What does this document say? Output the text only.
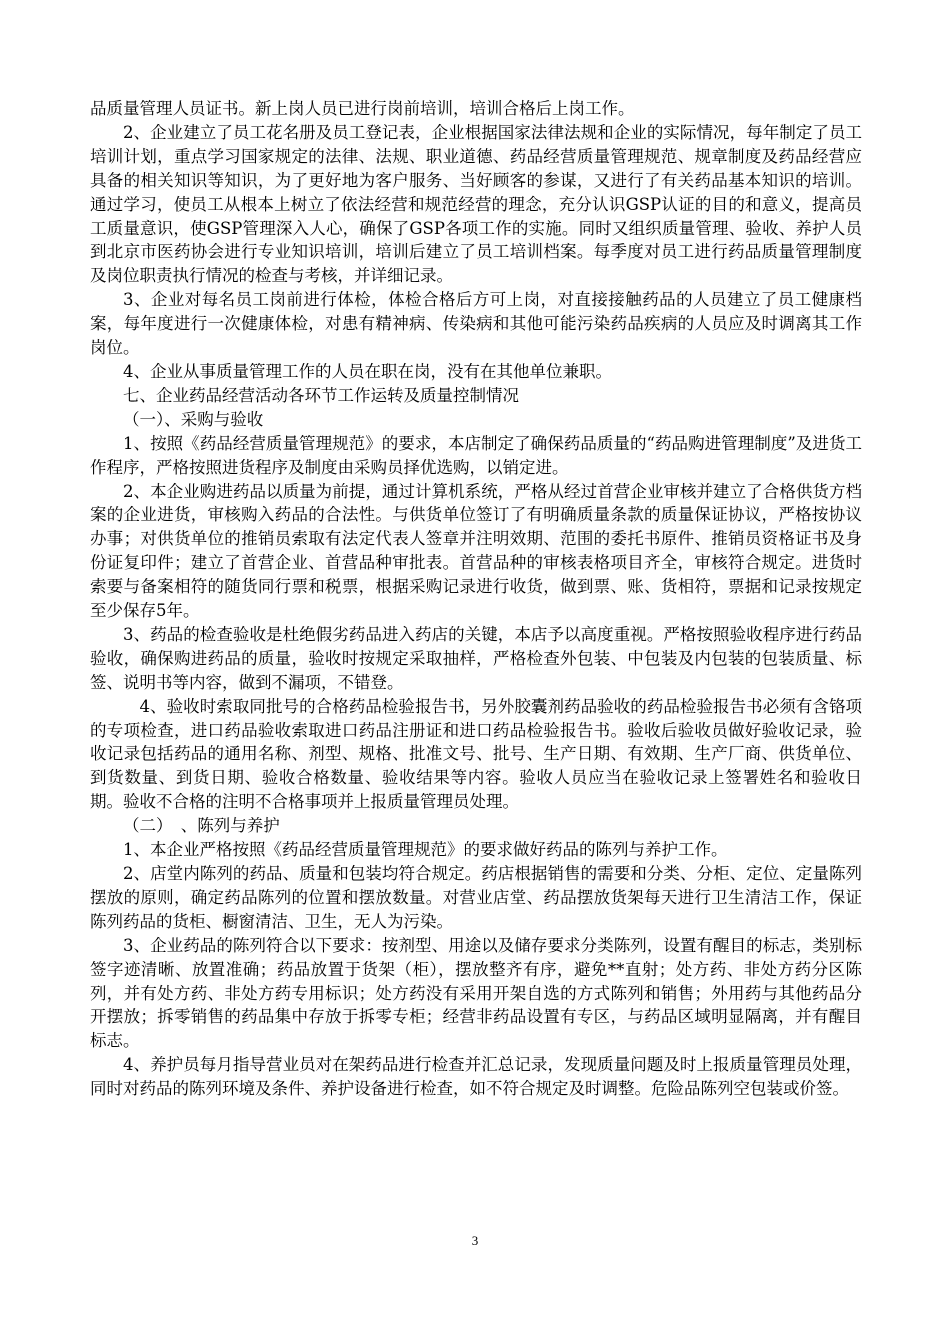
品质量管理人员证书。新上岗人员已进行岗前培训，培训合格后上岗工作。

2、企业建立了员工花名册及员工登记表，企业根据国家法律法规和企业的实际情况，每年制定了员工培训计划，重点学习国家规定的法律、法规、职业道德、药品经营质量管理规范、规章制度及药品经营应具备的相关知识等知识，为了更好地为客户服务、当好顾客的参谋，又进行了有关药品基本知识的培训。通过学习，使员工从根本上树立了依法经营和规范经营的理念，充分认识GSP认证的目的和意义，提高员工质量意识，使GSP管理深入人心，确保了GSP各项工作的实施。同时又组织质量管理、验收、养护人员到北京市医药协会进行专业知识培训，培训后建立了员工培训档案。每季度对员工进行药品质量管理制度及岗位职责执行情况的检查与考核，并详细记录。

3、企业对每名员工岗前进行体检，体检合格后方可上岗，对直接接触药品的人员建立了员工健康档案，每年度进行一次健康体检，对患有精神病、传染病和其他可能污染药品疾病的人员应及时调离其工作岗位。

4、企业从事质量管理工作的人员在职在岗，没有在其他单位兼职。

七、企业药品经营活动各环节工作运转及质量控制情况

（一）、采购与验收

1、按照《药品经营质量管理规范》的要求，本店制定了确保药品质量的“药品购进管理制度”及进货工作程序，严格按照进货程序及制度由采购员择优选购，以销定进。

2、本企业购进药品以质量为前提，通过计算机系统，严格从经过首营企业审核并建立了合格供货方档案的企业进货，审核购入药品的合法性。与供货单位签订了有明确质量条款的质量保证协议，严格按协议办事；对供货单位的推销员索取有法定代表人签章并注明效期、范围的委托书原件、推销员资格证书及身份证复印件；建立了首营企业、首营品种审批表。首营品种的审核表格项目齐全，审核符合规定。进货时索要与备案相符的随货同行票和税票，根据采购记录进行收货，做到票、账、货相符，票据和记录按规定至少保存5年。

3、药品的检查验收是杜绝假劣药品进入药店的关键，本店予以高度重视。严格按照验收程序进行药品验收，确保购进药品的质量，验收时按规定采取抽样，严格检查外包装、中包装及内包装的包装质量、标签、说明书等内容，做到不漏项，不错登。

4、验收时索取同批号的合格药品检验报告书，另外胶囊剂药品验收的药品检验报告书必须有含铬项的专项检查，进口药品验收索取进口药品注册证和进口药品检验报告书。验收后验收员做好验收记录，验收记录包括药品的通用名称、剂型、规格、批准文号、批号、生产日期、有效期、生产厂商、供货单位、到货数量、到货日期、验收合格数量、验收结果等内容。验收人员应当在验收记录上签署姓名和验收日期。验收不合格的注明不合格事项并上报质量管理员处理。

（二）　、陈列与养护

1、本企业严格按照《药品经营质量管理规范》的要求做好药品的陈列与养护工作。

2、店堂内陈列的药品、质量和包装均符合规定。药店根据销售的需要和分类、分柜、定位、定量陈列摆放的原则，确定药品陈列的位置和摆放数量。对营业店堂、药品摆放货架每天进行卫生清洁工作，保证陈列药品的货柜、橱窗清洁、卫生，无人为污染。

3、企业药品的陈列符合以下要求：按剂型、用途以及储存要求分类陈列，设置有醒目的标志，类别标签字迹清晰、放置准确；药品放置于货架（柜），摆放整齐有序，避免**直射；处方药、非处方药分区陈列，并有处方药、非处方药专用标识；处方药没有采用开架自选的方式陈列和销售；外用药与其他药品分开摆放；拆零销售的药品集中存放于拆零专柜；经营非药品设置有专区，与药品区域明显隔离，并有醒目标志。

4、养护员每月指导营业员对在架药品进行检查并汇总记录，发现质量问题及时上报质量管理员处理，同时对药品的陈列环境及条件、养护设备进行检查，如不符合规定及时调整。危险品陈列空包装或价签。

3
